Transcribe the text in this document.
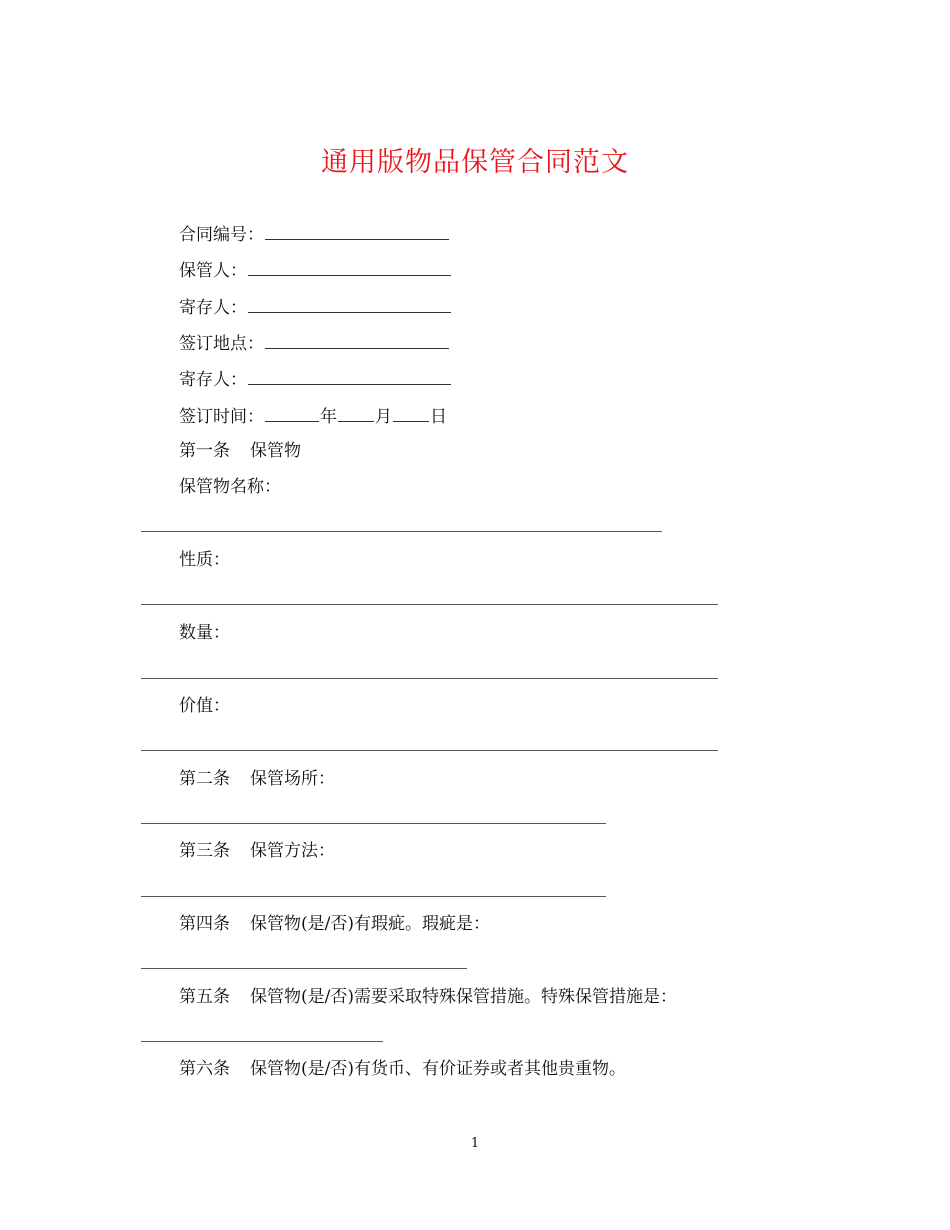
通用版物品保管合同范文
合同编号：
保管人：
寄存人：
签订地点：
寄存人：
签订时间：	年 月 日
第一条 保管物
保管物名称：
性质：
数量：
价值：
第二条 保管场所：
第三条 保管方法：
第四条 保管物(是/否)有瑕疵。瑕疵是：
第五条 保管物(是/否)需要采取特殊保管措施。特殊保管措施是：
第六条 保管物(是/否)有货币、有价证券或者其他贵重物。
1
